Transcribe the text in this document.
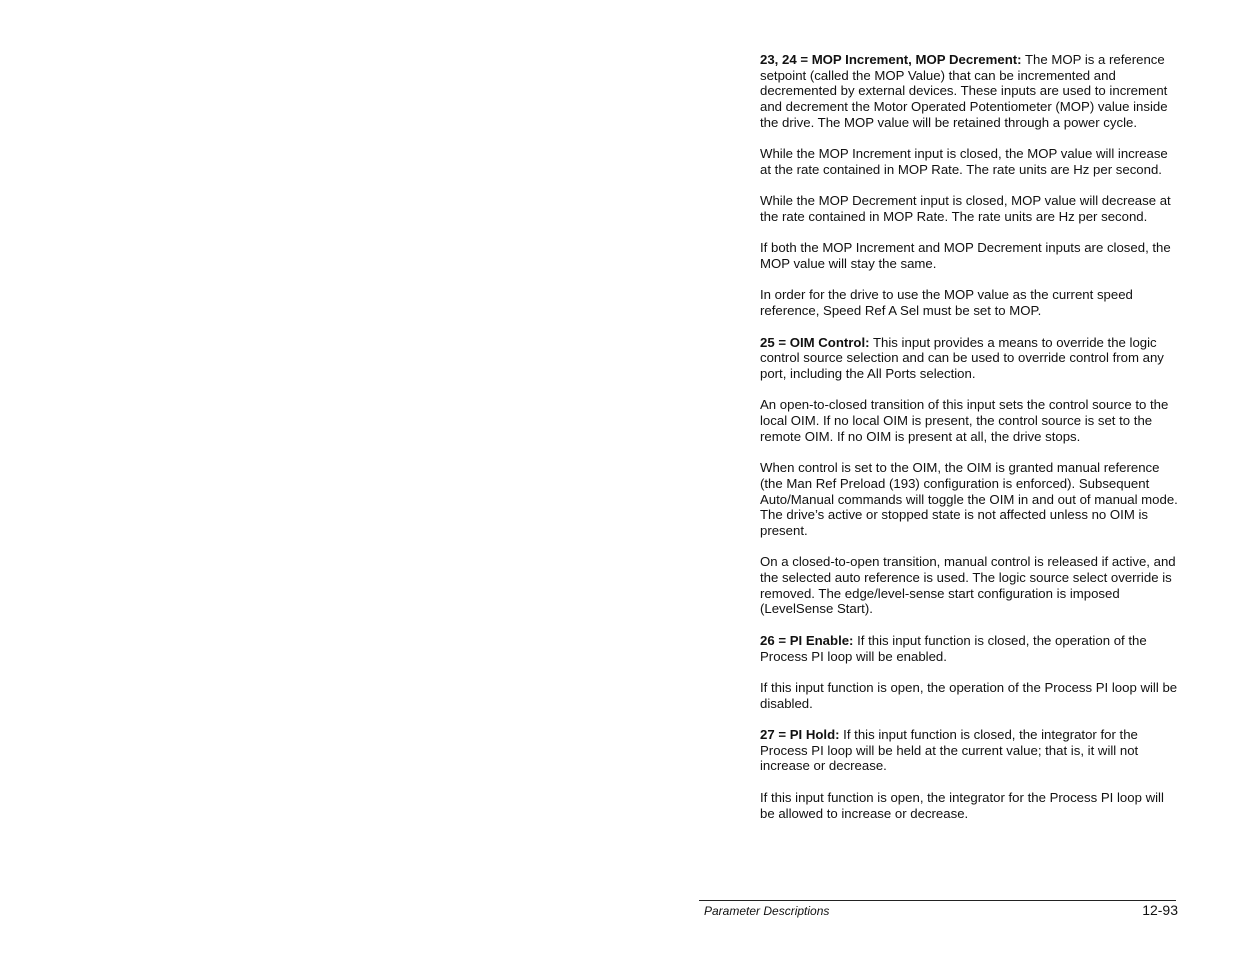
23, 24 = MOP Increment, MOP Decrement: The MOP is a reference setpoint (called the MOP Value) that can be incremented and decremented by external devices. These inputs are used to increment and decrement the Motor Operated Potentiometer (MOP) value inside the drive. The MOP value will be retained through a power cycle.

While the MOP Increment input is closed, the MOP value will increase at the rate contained in MOP Rate. The rate units are Hz per second.

While the MOP Decrement input is closed, MOP value will decrease at the rate contained in MOP Rate. The rate units are Hz per second.

If both the MOP Increment and MOP Decrement inputs are closed, the MOP value will stay the same.

In order for the drive to use the MOP value as the current speed reference, Speed Ref A Sel must be set to MOP.

25 = OIM Control: This input provides a means to override the logic control source selection and can be used to override control from any port, including the All Ports selection.

An open-to-closed transition of this input sets the control source to the local OIM. If no local OIM is present, the control source is set to the remote OIM. If no OIM is present at all, the drive stops.

When control is set to the OIM, the OIM is granted manual reference (the Man Ref Preload (193) configuration is enforced). Subsequent Auto/Manual commands will toggle the OIM in and out of manual mode. The drive’s active or stopped state is not affected unless no OIM is present.

On a closed-to-open transition, manual control is released if active, and the selected auto reference is used. The logic source select override is removed. The edge/level-sense start configuration is imposed (LevelSense Start).

26 = PI Enable: If this input function is closed, the operation of the Process PI loop will be enabled.

If this input function is open, the operation of the Process PI loop will be disabled.

27 = PI Hold: If this input function is closed, the integrator for the Process PI loop will be held at the current value; that is, it will not increase or decrease.

If this input function is open, the integrator for the Process PI loop will be allowed to increase or decrease.

Parameter Descriptions	12-93
